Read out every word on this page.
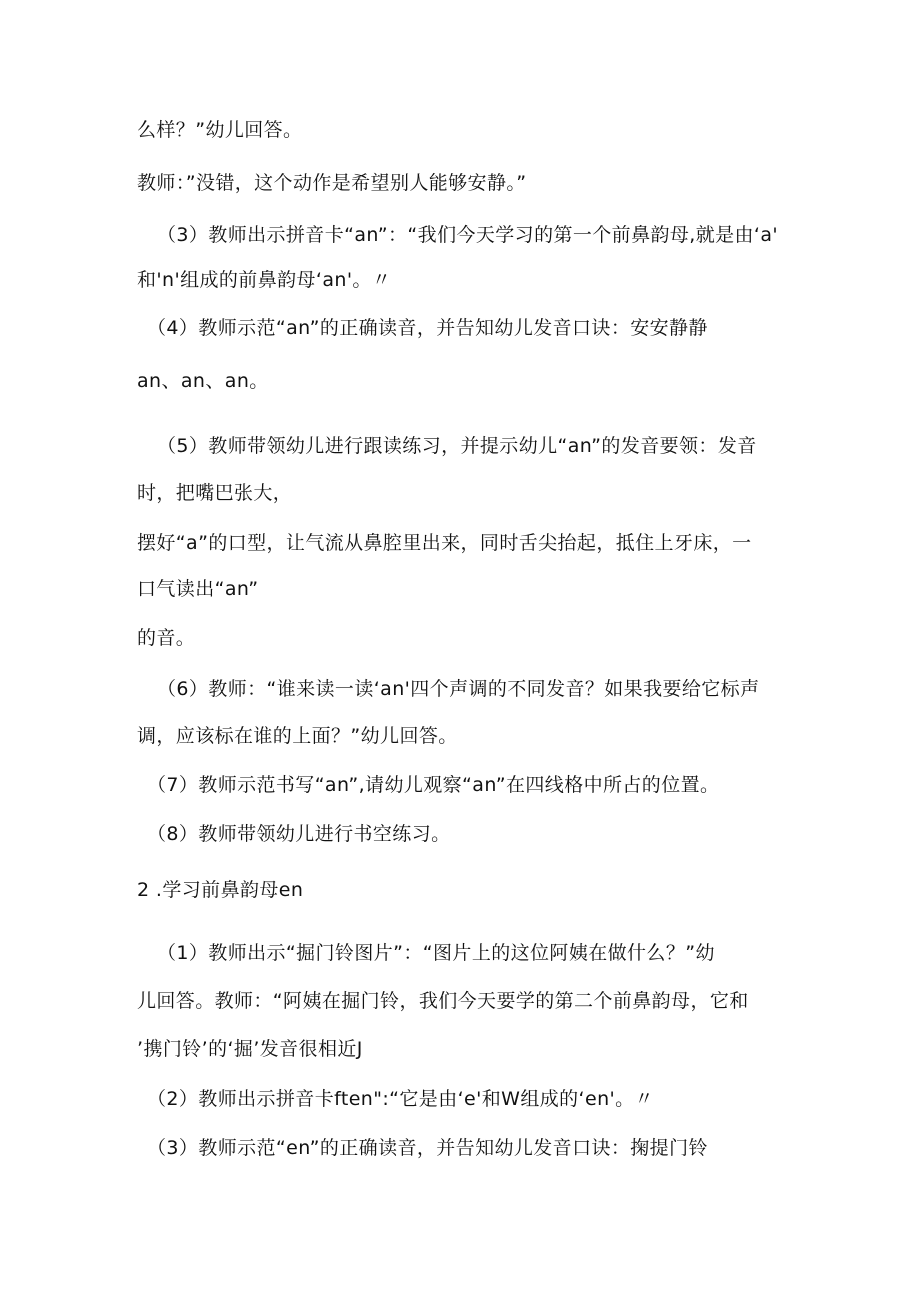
么样？”幼儿回答。
教师：”没错，这个动作是希望别人能够安静。”
（3）教师出示拼音卡“an”：“我们今天学习的第一个前鼻韵母,就是由‘a'
和'n'组成的前鼻韵母‘an'。〃
（4）教师示范“an”的正确读音，并告知幼儿发音口诀：安安静静
an、an、an。
（5）教师带领幼儿进行跟读练习，并提示幼儿“an”的发音要领：发音
时，把嘴巴张大，
摆好“a”的口型，让气流从鼻腔里出来，同时舌尖抬起，抵住上牙床，一
口气读出“an”
的音。
（6）教师：“谁来读一读‘an'四个声调的不同发音？如果我要给它标声
调，应该标在谁的上面？”幼儿回答。
（7）教师示范书写“an”,请幼儿观察“an”在四线格中所占的位置。
（8）教师带领幼儿进行书空练习。
2 .学习前鼻韵母en
（1）教师出示“掘门铃图片”：“图片上的这位阿姨在做什么？”幼
儿回答。教师：“阿姨在掘门铃，我们今天要学的第二个前鼻韵母，它和
’携门铃’的‘掘’发音很相近J
（2）教师出示拼音卡ften":“它是由‘e'和W组成的‘en'。〃
（3）教师示范“en”的正确读音，并告知幼儿发音口诀：掬提门铃
